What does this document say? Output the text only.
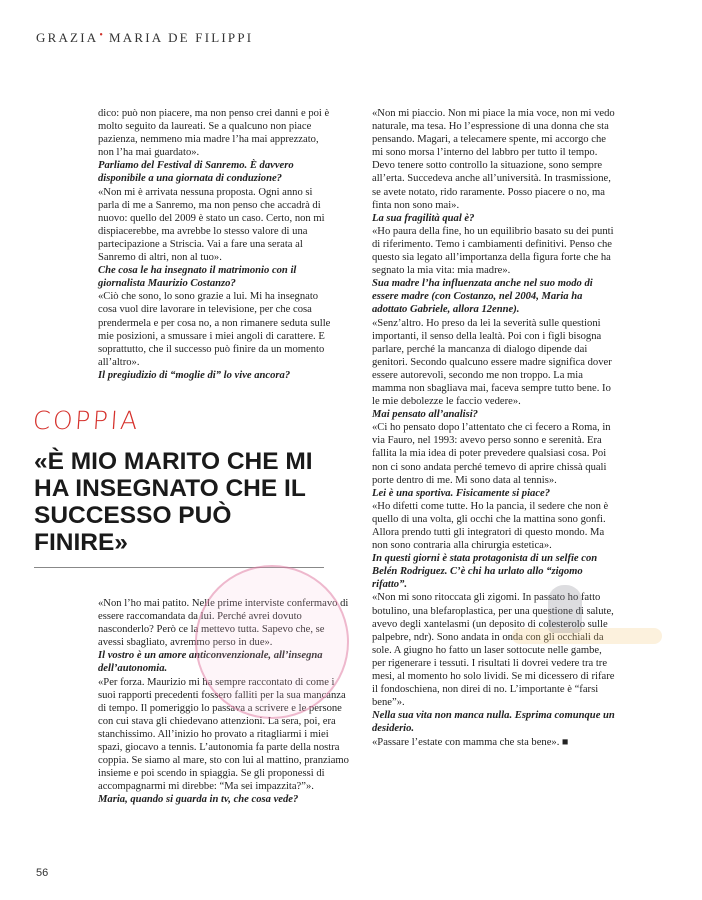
GRAZIA• MARIA DE FILIPPI

dico: può non piacere, ma non penso crei danni e poi è molto seguito da laureati. Se a qualcuno non piace pazienza, nemmeno mia madre l’ha mai apprezzato, non l’ha mai guardato».

Parliamo del Festival di Sanremo. È davvero disponibile a una giornata di conduzione?

«Non mi è arrivata nessuna proposta. Ogni anno si parla di me a Sanremo, ma non penso che accadrà di nuovo: quello del 2009 è stato un caso. Certo, non mi dispiacerebbe, ma avrebbe lo stesso valore di una partecipazione a Striscia. Vai a fare una serata al Sanremo di altri, non al tuo».

Che cosa le ha insegnato il matrimonio con il giornalista Maurizio Costanzo?

«Ciò che sono, lo sono grazie a lui. Mi ha insegnato cosa vuol dire lavorare in televisione, per che cosa prendermela e per cosa no, a non rimanere seduta sulle mie posizioni, a smussare i miei angoli di carattere. E soprattutto, che il successo può finire da un momento all’altro».

Il pregiudizio di “moglie di” lo vive ancora?

COPPIA
«È MIO MARITO CHE MI HA INSEGNATO CHE IL SUCCESSO PUÒ FINIRE»

«Non l’ho mai patito. Nelle prime interviste confermavo di essere raccomandata da lui. Perché avrei dovuto nasconderlo? Però ce la mettevo tutta. Sapevo che, se avessi sbagliato, avremmo perso in due».

Il vostro è un amore anticonvenzionale, all’insegna dell’autonomia.

«Per forza. Maurizio mi ha sempre raccontato di come i suoi rapporti precedenti fossero falliti per la sua mancanza di tempo. Il pomeriggio lo passava a scrivere e le persone con cui stava gli chiedevano attenzioni. La sera, poi, era stanchissimo. All’inizio ho provato a ritagliarmi i miei spazi, giocavo a tennis. L’autonomia fa parte della nostra coppia. Se siamo al mare, sto con lui al mattino, pranziamo insieme e poi scendo in spiaggia. Se gli proponessi di accompagnarmi mi direbbe: “Ma sei impazzita?”».

Maria, quando si guarda in tv, che cosa vede?

«Non mi piaccio. Non mi piace la mia voce, non mi vedo naturale, ma tesa. Ho l’espressione di una donna che sta pensando. Magari, a telecamere spente, mi accorgo che mi sono morsa l’interno del labbro per tutto il tempo. Devo tenere sotto controllo la situazione, sono sempre all’erta. Succedeva anche all’università. In trasmissione, se avete notato, rido raramente. Posso piacere o no, ma finta non sono mai».

La sua fragilità qual è?

«Ho paura della fine, ho un equilibrio basato su dei punti di riferimento. Temo i cambiamenti definitivi. Penso che questo sia legato all’importanza della figura forte che ha segnato la mia vita: mia madre».

Sua madre l’ha influenzata anche nel suo modo di essere madre (con Costanzo, nel 2004, Maria ha adottato Gabriele, allora 12enne).

«Senz’altro. Ho preso da lei la severità sulle questioni importanti, il senso della lealtà. Poi con i figli bisogna parlare, perché la mancanza di dialogo dipende dai genitori. Secondo qualcuno essere madre significa dover essere autorevoli, secondo me non troppo. La mia mamma non sbagliava mai, faceva sempre tutto bene. Io le mie debolezze le faccio vedere».

Mai pensato all’analisi?

«Ci ho pensato dopo l’attentato che ci fecero a Roma, in via Fauro, nel 1993: avevo perso sonno e serenità. Era fallita la mia idea di poter prevedere qualsiasi cosa. Poi non ci sono andata perché temevo di aprire chissà quali porte dentro di me. Mi sono data al tennis».

Lei è una sportiva. Fisicamente si piace?

«Ho difetti come tutte. Ho la pancia, il sedere che non è quello di una volta, gli occhi che la mattina sono gonfi. Allora prendo tutti gli integratori di questo mondo. Ma non sono contraria alla chirurgia estetica».

In questi giorni è stata protagonista di un selfie con Belén Rodriguez. C’è chi ha urlato allo “zigomo rifatto”.

«Non mi sono ritoccata gli zigomi. In passato ho fatto botulino, una blefaroplastica, per una questione di salute, avevo degli xantelasmi (un deposito di colesterolo sulle palpebre, ndr). Sono andata in onda con gli occhiali da sole. A giugno ho fatto un laser sottocute nelle gambe, per rigenerare i tessuti. I risultati li dovrei vedere tra tre mesi, al momento ho solo lividi. Se mi dicessero di rifare il fondoschiena, non direi di no. L’importante è “farsi bene”».

Nella sua vita non manca nulla. Esprima comunque un desiderio.

«Passare l’estate con mamma che sta bene». ■

56
